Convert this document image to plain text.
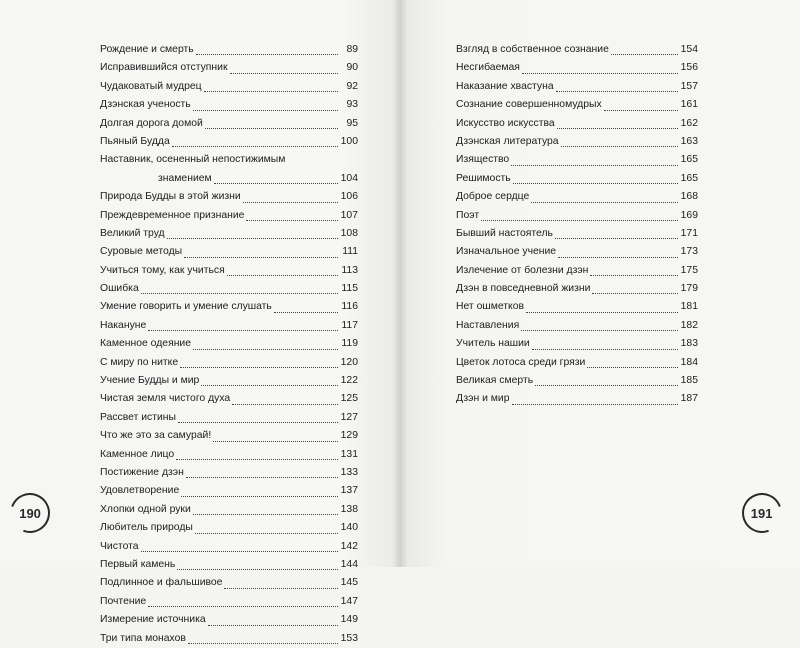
Рождение и смерть	89
Исправившийся отступник	90
Чудаковатый мудрец	92
Дзэнская ученость	93
Долгая дорога домой	95
Пьяный Будда	100
Наставник, осененный непостижимым
знамением	104
Природа Будды в этой жизни	106
Преждевременное признание	107
Великий труд	108
Суровые методы	111
Учиться тому, как учиться	113
Ошибка	115
Умение говорить и умение слушать	116
Накануне	117
Каменное одеяние	119
С миру по нитке	120
Учение Будды и мир	122
Чистая земля чистого духа	125
Рассвет истины	127
Что же это за самурай!	129
Каменное лицо	131
Постижение дзэн	133
Удовлетворение	137
Хлопки одной руки	138
Любитель природы	140
Чистота	142
Первый камень	144
Подлинное и фальшивое	145
Почтение	147
Измерение источника	149
Три типа монахов	153
190
Взгляд в собственное сознание	154
Несгибаемая	156
Наказание хвастуна	157
Сознание совершенномудрых	161
Искусство искусства	162
Дзэнская литература	163
Изящество	165
Решимость	165
Доброе сердце	168
Поэт	169
Бывший настоятель	171
Изначальное учение	173
Излечение от болезни дзэн	175
Дзэн в повседневной жизни	179
Нет ошметков	181
Наставления	182
Учитель нашии	183
Цветок лотоса среди грязи	184
Великая смерть	185
Дзэн и мир	187
191
